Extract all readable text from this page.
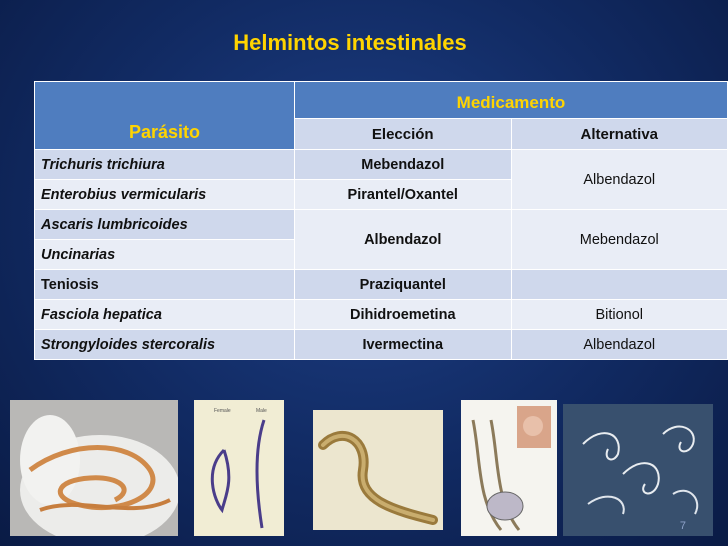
Helmintos intestinales
Parásito	Medicamento	
	Elección	Alternativa
Trichuris trichiura	Mebendazol	Albendazol
Enterobius vermicularis	Pirantel/Oxantel	
Ascaris lumbricoides	Albendazol	Mebendazol
Uncinarias		
Teniosis	Praziquantel	
Fasciola hepatica	Dihidroemetina	Bitionol
Strongyloides stercoralis	Ivermectina	Albendazol
Female	Male
7
